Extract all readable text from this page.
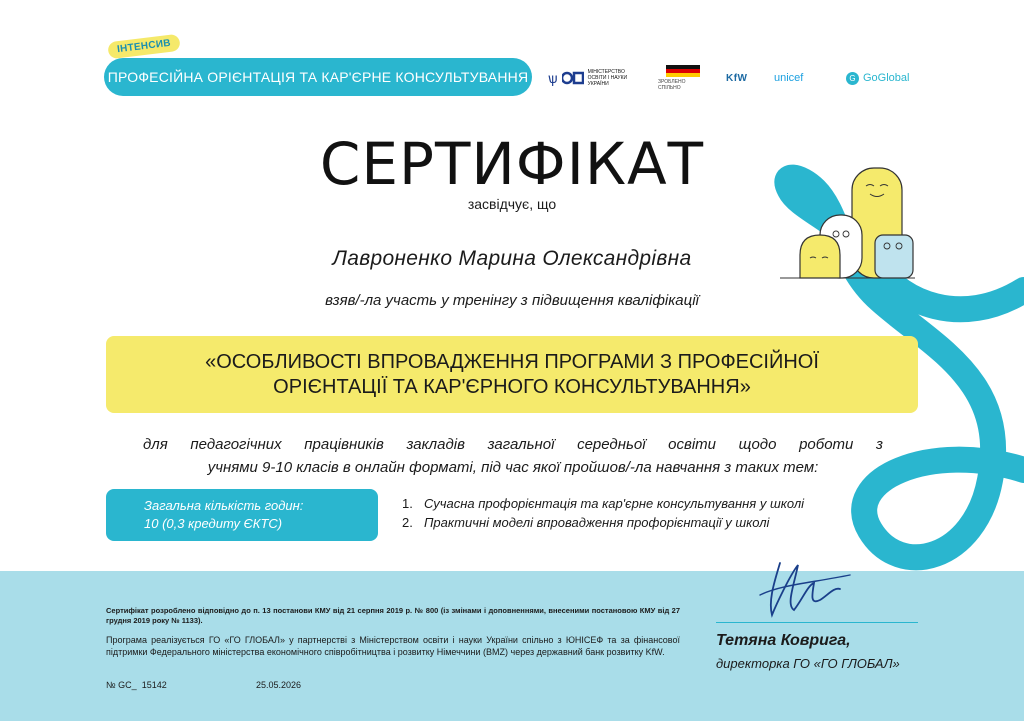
ІНТЕНСИВ
ПРОФЕСІЙНА ОРІЄНТАЦІЯ ТА КАР'ЄРНЕ КОНСУЛЬТУВАННЯ ѱ	МІНІСТЕРСТВО ОСВІТИ І НАУКИ УКРАЇНИ	ЗРОБЛЕНО СПІЛЬНО
KfW	unicef	G GoGlobal
СЕРТИФІКАТ
засвідчує, що
Лавроненко Марина Олександрівна
взяв/-ла участь у тренінгу з підвищення кваліфікації
«ОСОБЛИВОСТІ ВПРОВАДЖЕННЯ ПРОГРАМИ З ПРОФЕСІЙНОЇ
ОРІЄНТАЦІЇ ТА КАР'ЄРНОГО КОНСУЛЬТУВАННЯ»
для педагогічних працівників закладів загальної середньої освіти щодо роботи з
учнями 9-10 класів в онлайн форматі, під час якої пройшов/-ла навчання з таких тем:
Загальна кількість годин:
10 (0,3 кредиту ЄКТС)
1. Сучасна профорієнтація та кар'єрне консультування у школі
2. Практичні моделі впровадження профорієнтації у школі
Сертифікат розроблено відповідно до п. 13 постанови КМУ від 21 серпня 2019 р. № 800 (із змінами і доповненнями, внесеними постановою КМУ від 27 грудня 2019 року № 1133).
Програма реалізується ГО «ГО ГЛОБАЛ» у партнерстві з Міністерством освіти і науки України спільно з ЮНІСЕФ та за фінансової підтримки Федерального міністерства економічного співробітництва і розвитку Німеччини (BMZ) через державний банк розвитку KfW.
№ GC_ 15142	25.05.2026
Тетяна Коврига,
директорка ГО «ГО ГЛОБАЛ»
